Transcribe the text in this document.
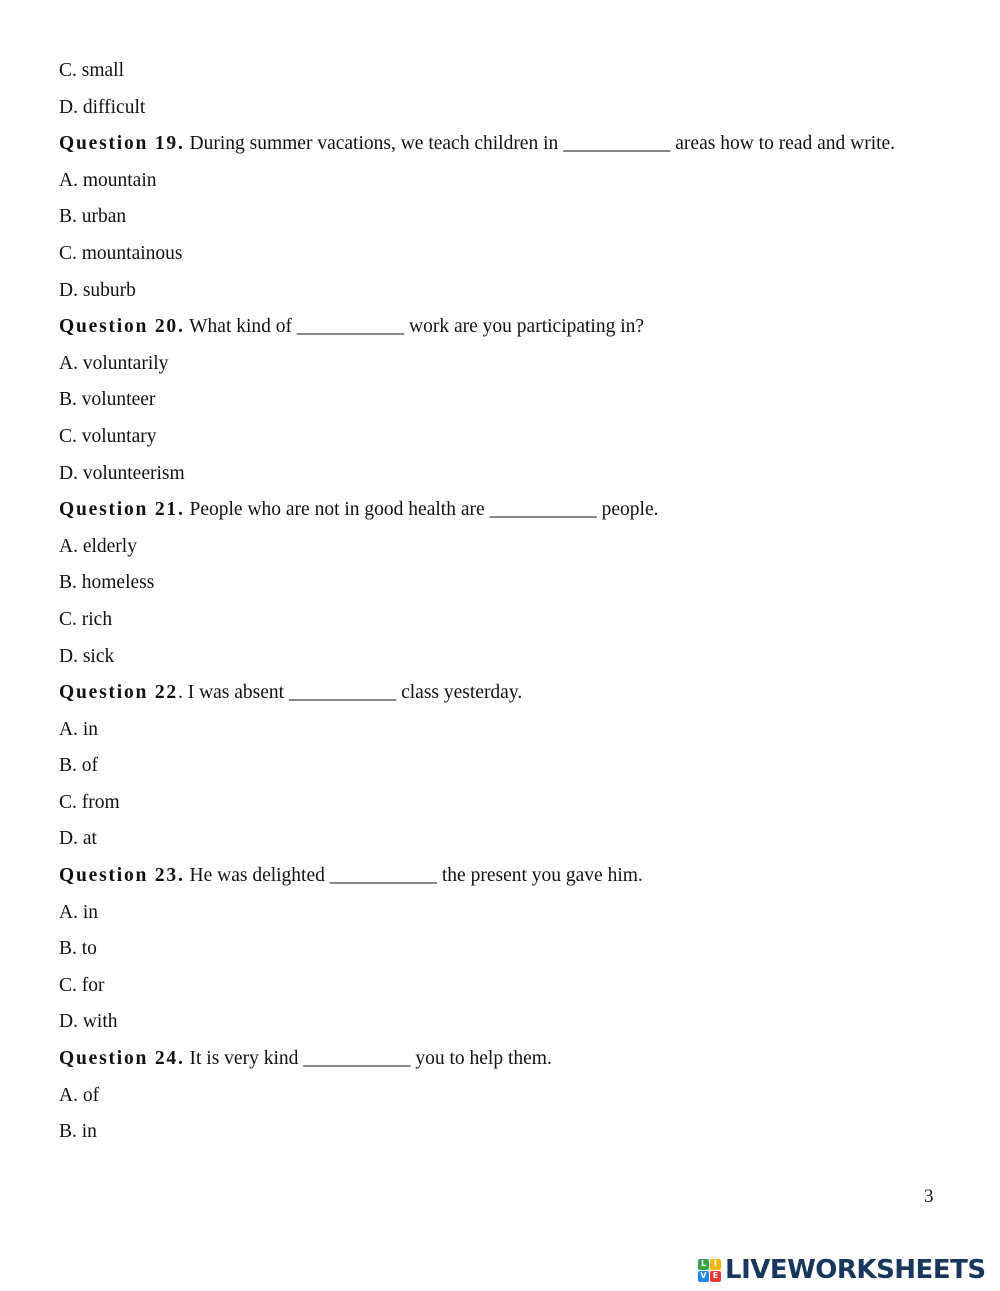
C. small
D. difficult
Question 19. During summer vacations, we teach children in ___________ areas how to read and write.
A. mountain
B. urban
C. mountainous
D. suburb
Question 20. What kind of ___________ work are you participating in?
A. voluntarily
B. volunteer
C. voluntary
D. volunteerism
Question 21. People who are not in good health are ___________ people.
A. elderly
B. homeless
C. rich
D. sick
Question 22. I was absent ___________ class yesterday.
A. in
B. of
C. from
D. at
Question 23. He was delighted ___________ the present you gave him.
A. in
B. to
C. for
D. with
Question 24. It is very kind ___________ you to help them.
A. of
B. in
3
L I
V E LIVEWORKSHEETS
